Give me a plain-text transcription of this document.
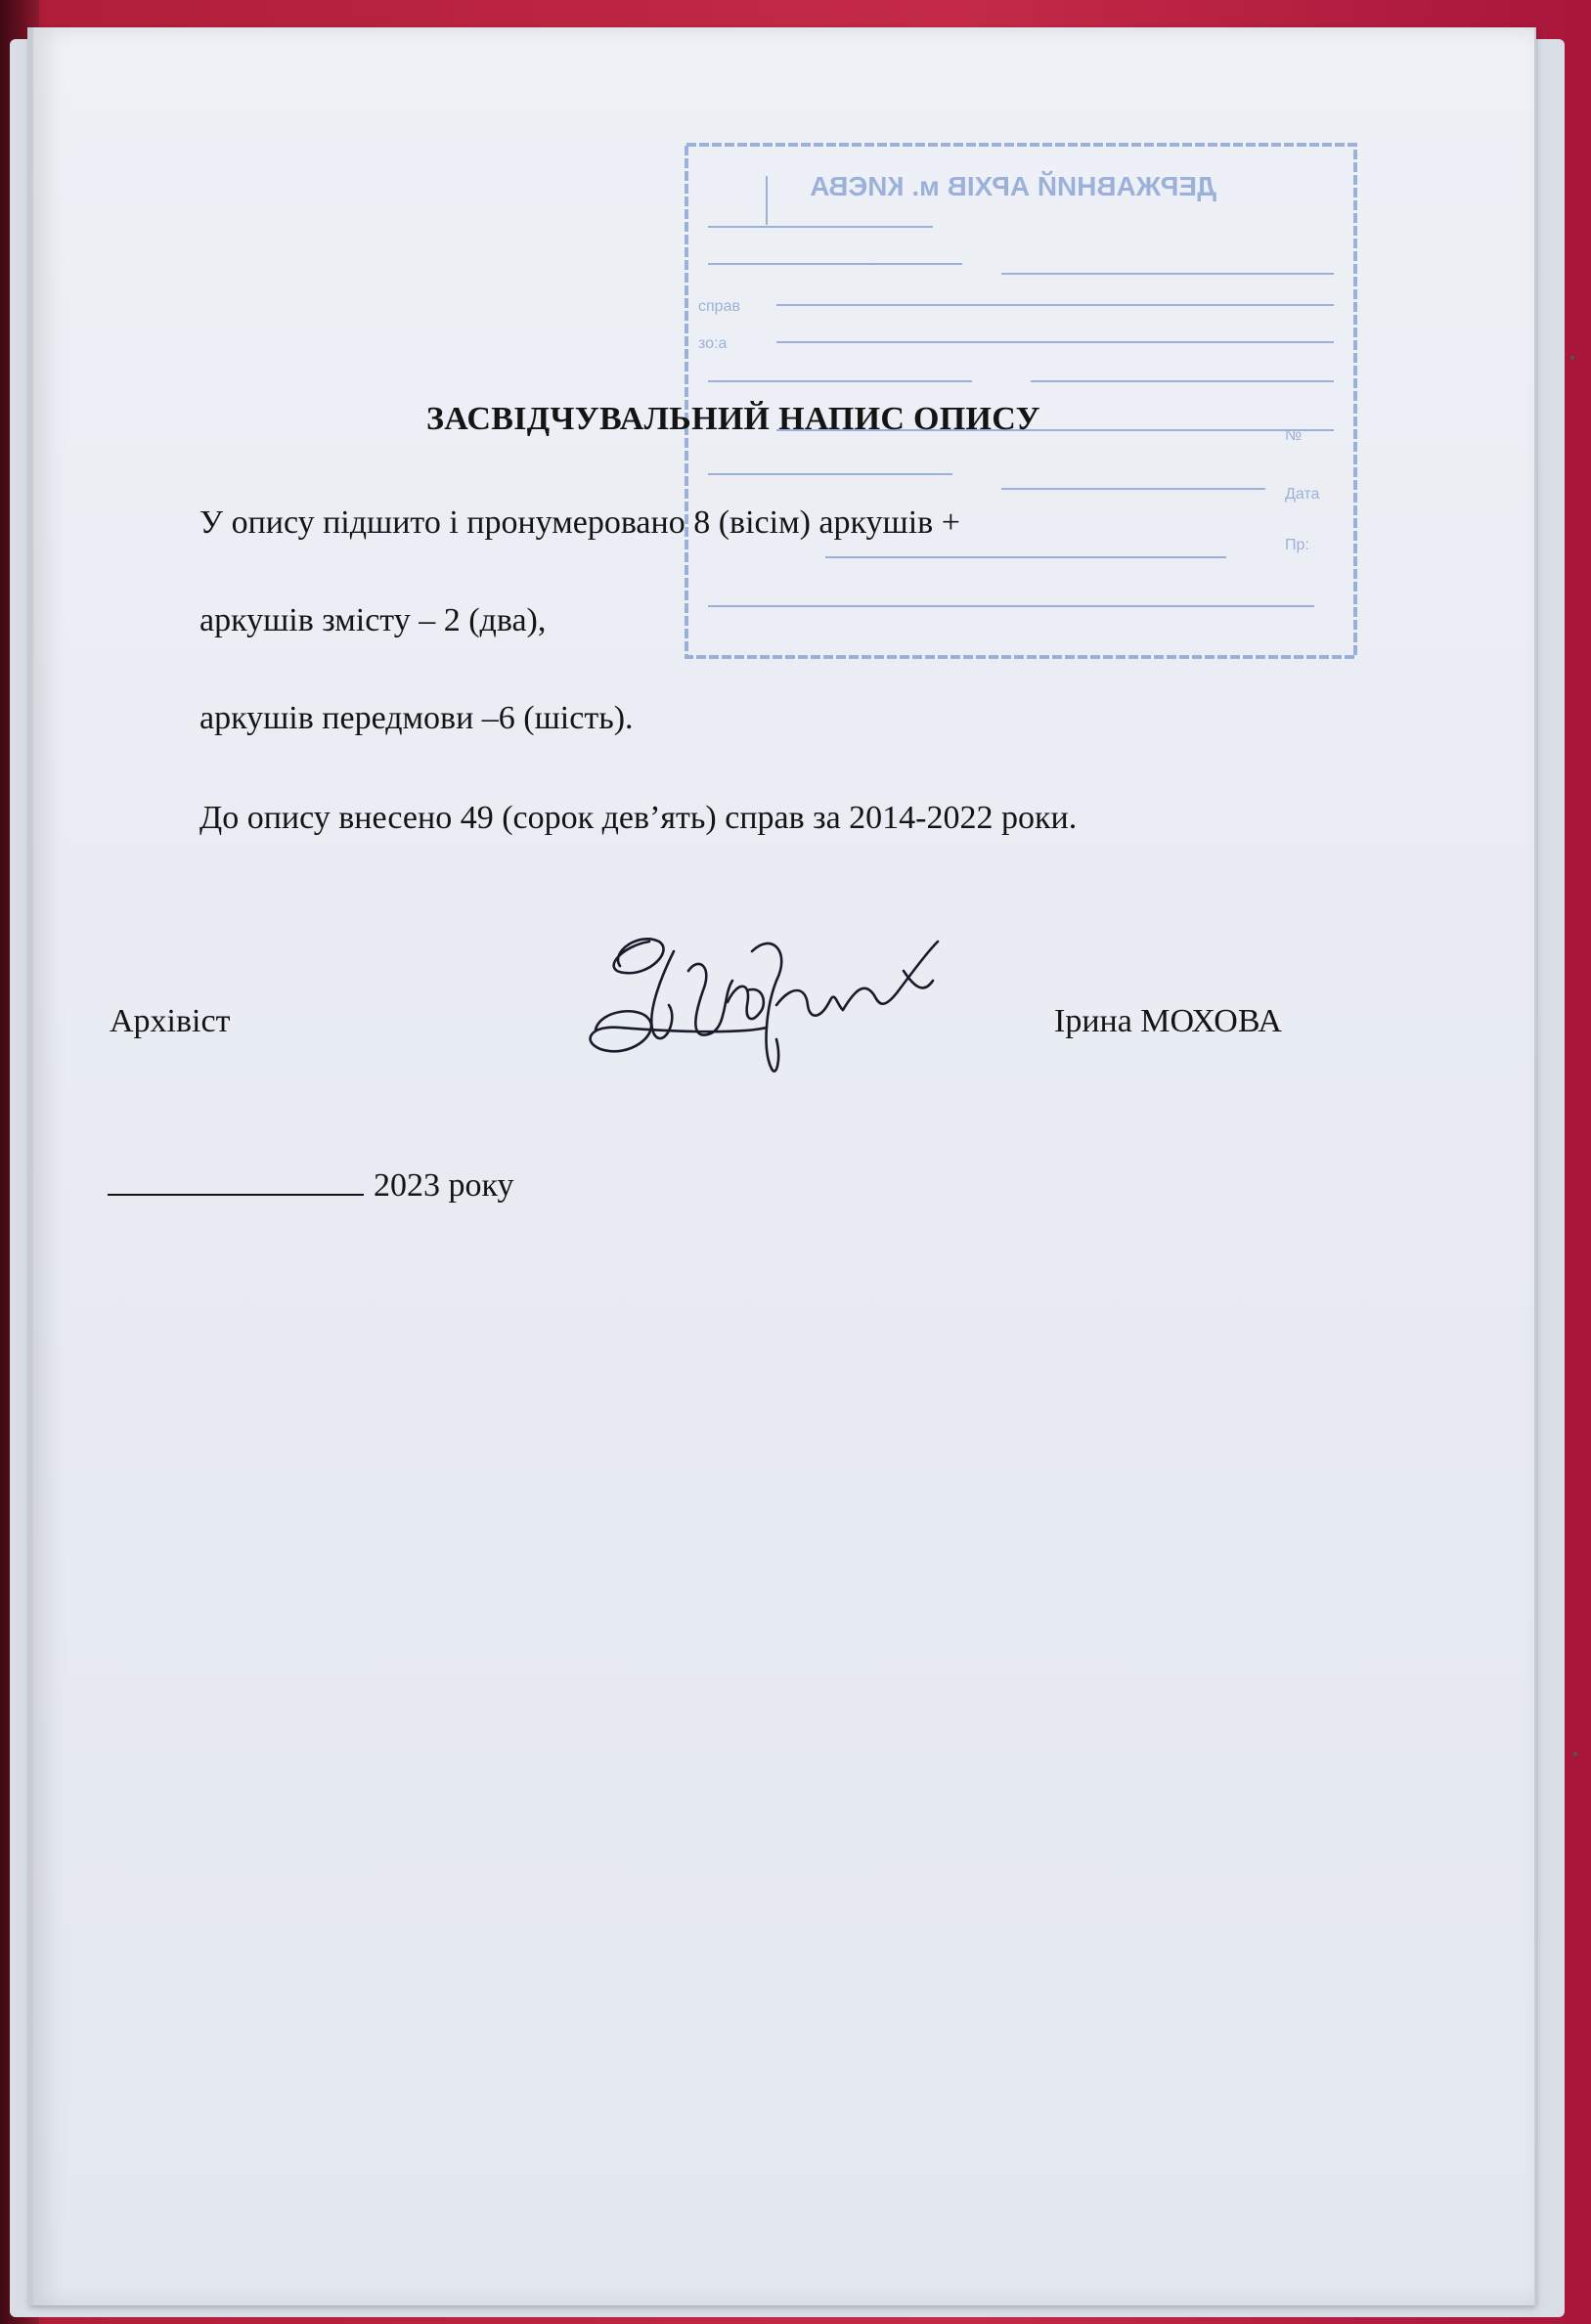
ДЕРЖАВНИЙ АРХІВ м. КИЄВА
справ
зо:а
Пр:
Дата
№
ЗАСВІДЧУВАЛЬНИЙ НАПИС ОПИСУ
У опису підшито і пронумеровано 8 (вісім) аркушів +
аркушів змісту – 2 (два),
аркушів передмови –6 (шість).
До опису внесено 49 (сорок дев’ять) справ за 2014-2022 роки.
Архівіст	Ірина МОХОВА
2023 року
